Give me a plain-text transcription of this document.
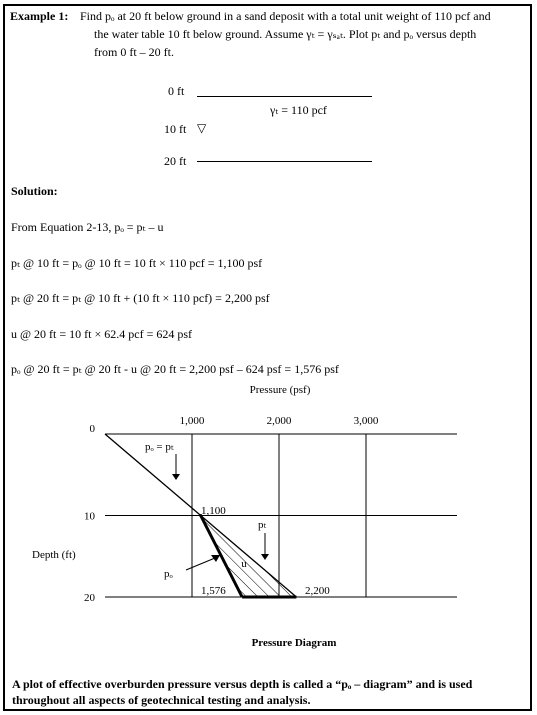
Example 1: Find pₒ at 20 ft below ground in a sand deposit with a total unit weight of 110 pcf and
the water table 10 ft below ground. Assume γₜ = γₛₐₜ. Plot pₜ and pₒ versus depth
from 0 ft – 20 ft.
0 ft
γₜ = 110 pcf
10 ft ▽
20 ft
Solution:
From Equation 2-13, pₒ = pₜ – u
pₜ @ 10 ft = pₒ @ 10 ft = 10 ft × 110 pcf = 1,100 psf
pₜ @ 20 ft = pₜ @ 10 ft + (10 ft × 110 pcf) = 2,200 psf
u @ 20 ft = 10 ft × 62.4 pcf = 624 psf
pₒ @ 20 ft = pₜ @ 20 ft - u @ 20 ft = 2,200 psf – 624 psf = 1,576 psf
0
10
20
1,000	2,000	3,000
Pressure (psf)
Depth (ft)
Pressure Diagram
u
pₒ = pₜ
pₜ
pₒ
1,100
1,576	2,200
A plot of effective overburden pressure versus depth is called a “pₒ – diagram” and is used
throughout all aspects of geotechnical testing and analysis.
